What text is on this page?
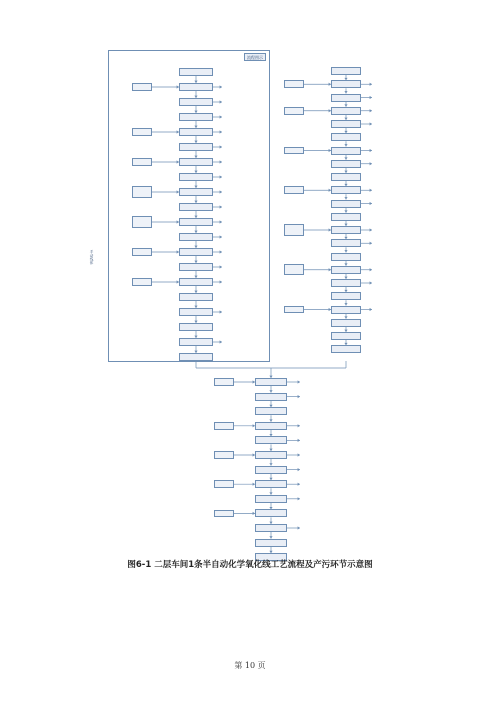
流程图示
手动线体
图6-1 二层车间1条半自动化学氧化线工艺流程及产污环节示意图
第 10 页
